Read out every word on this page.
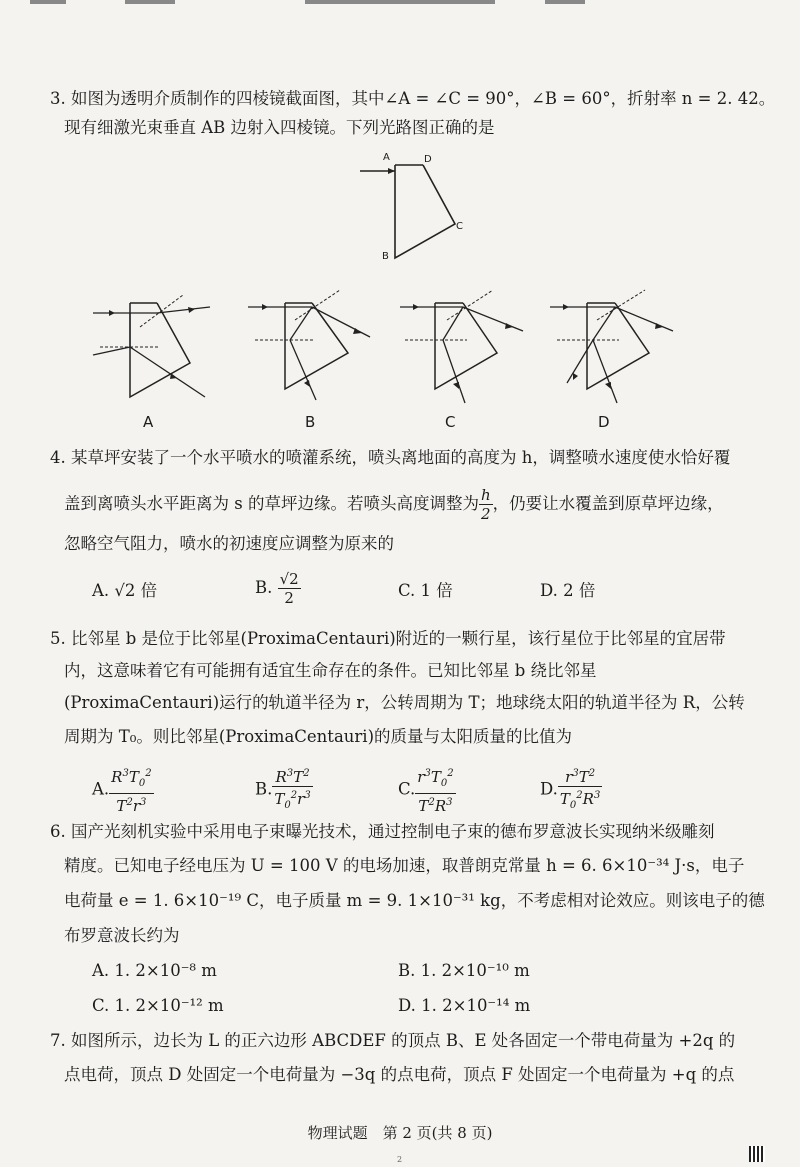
3. 如图为透明介质制作的四棱镜截面图，其中∠A = ∠C = 90°，∠B = 60°，折射率 n = 2. 42。
现有细激光束垂直 AB 边射入四棱镜。下列光路图正确的是
A	D
C
B
A	B	C	D
4. 某草坪安装了一个水平喷水的喷灌系统，喷头离地面的高度为 h，调整喷水速度使水恰好覆
盖到离喷头水平距离为 s 的草坪边缘。若喷头高度调整为 $\frac{h}{2}$ ，仍要让水覆盖到原草坪边缘，
忽略空气阻力，喷水的初速度应调整为原来的
A. √2 倍	B. $\frac{√2}{2}$	C. 1 倍	D. 2 倍
5. 比邻星 b 是位于比邻星(ProximaCentauri)附近的一颗行星，该行星位于比邻星的宜居带
内，这意味着它有可能拥有适宜生命存在的条件。已知比邻星 b 绕比邻星
(ProximaCentauri)运行的轨道半径为 r，公转周期为 T；地球绕太阳的轨道半径为 R，公转
周期为 T₀。则比邻星(ProximaCentauri)的质量与太阳质量的比值为
A. $\frac{R^3T_0^2}{T^2r^3}$	B. $\frac{R^3T^2}{T_0^2r^3}$	C. $\frac{r^3T_0^2}{T^2R^3}$	D. $\frac{r^3T^2}{T_0^2R^3}$
6. 国产光刻机实验中采用电子束曝光技术，通过控制电子束的德布罗意波长实现纳米级雕刻
精度。已知电子经电压为 U = 100 V 的电场加速，取普朗克常量 h = 6. 6×10⁻³⁴ J·s，电子
电荷量 e = 1. 6×10⁻¹⁹ C，电子质量 m = 9. 1×10⁻³¹ kg，不考虑相对论效应。则该电子的德
布罗意波长约为
A. 1. 2×10⁻⁸ m	B. 1. 2×10⁻¹⁰ m
C. 1. 2×10⁻¹² m	D. 1. 2×10⁻¹⁴ m
7. 如图所示，边长为 L 的正六边形 ABCDEF 的顶点 B、E 处各固定一个带电荷量为 +2q 的
点电荷，顶点 D 处固定一个电荷量为 −3q 的点电荷，顶点 F 处固定一个电荷量为 +q 的点
物理试题　第 2 页(共 8 页)
2
